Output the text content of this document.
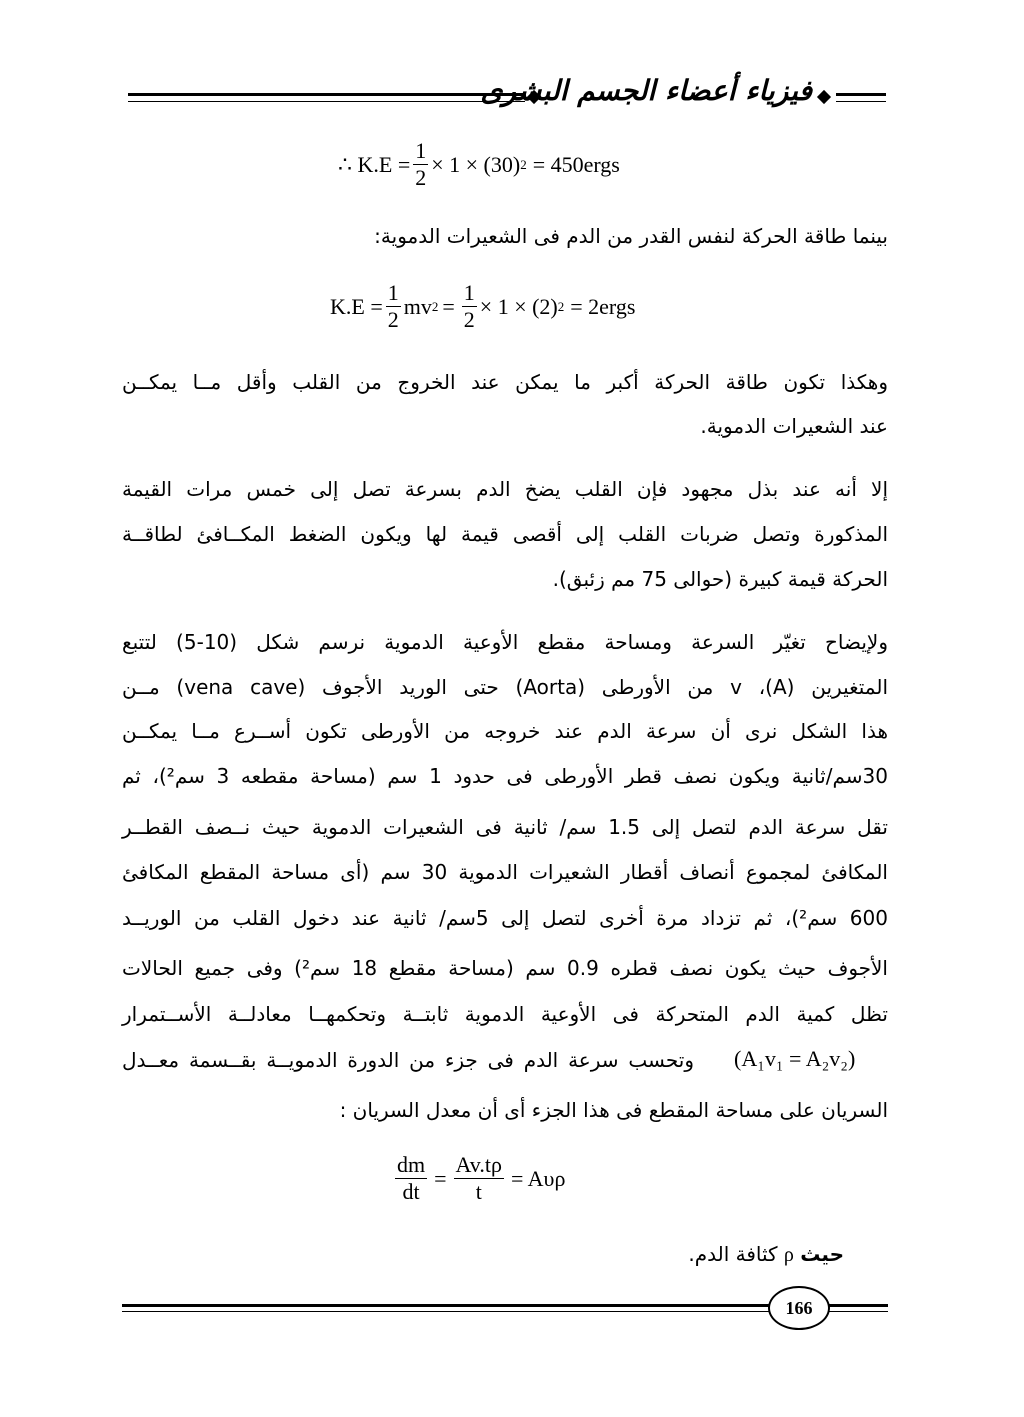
فيزياء أعضاء الجسم البشرى
∴ $K.E = \frac{1}{2} \times 1 \times (30) 2$ = 450ergs
بينما طاقة الحركة لنفس القدر من الدم فى الشعيرات الدموية:
$K.E = \frac{1}{2}$ mv $2 = \frac{1}{2} \times 1 \times (2) 2$ = 2ergs
وهكذا تكون طاقة الحركة أكبر ما يمكن عند الخروج من القلب وأقل مــا يمكــن
عند الشعيرات الدموية.
إلا أنه عند بذل مجهود فإن القلب يضخ الدم بسرعة تصل إلى خمس مرات القيمة
المذكورة وتصل ضربات القلب إلى أقصى قيمة لها ويكون الضغط المكــافئ لطاقــة
الحركة قيمة كبيرة (حوالى 75 مم زئبق).
ولإيضاح تغيّر السرعة ومساحة مقطع الأوعية الدموية نرسم شكل (10-5) لتتبع
المتغيرين (A)، v من الأورطى (Aorta) حتى الوريد الأجوف (vena cave) مــن
هذا الشكل نرى أن سرعة الدم عند خروجه من الأورطى تكون أســرع مــا يمكــن
30سم/ثانية ويكون نصف قطر الأورطى فى حدود 1 سم (مساحة مقطعه 3 سم²)، ثم
تقل سرعة الدم لتصل إلى 1.5 سم/ ثانية فى الشعيرات الدموية حيث نــصف القطــر
المكافئ لمجموع أنصاف أقطار الشعيرات الدموية 30 سم (أى مساحة المقطع المكافئ
600 سم²)، ثم تزداد مرة أخرى لتصل إلى 5سم/ ثانية عند دخول القلب من الوريــد
الأجوف حيث يكون نصف قطره 0.9 سم (مساحة مقطع 18 سم²) وفى جميع الحالات
تظل كمية الدم المتحركة فى الأوعية الدموية ثابتــة وتحكمهــا معادلــة الأســتمرار
وتحسب سرعة الدم فى جزء من الدورة الدمويــة بقــسمة معــدل (A₁v₁ = A₂v₂)
السريان على مساحة المقطع فى هذا الجزء أى أن معدل السريان :
$\frac{dm}{dt} = \frac{Av.t\rho}{t} = A\upsilon\rho$
حيث ρ كثافة الدم.
166
